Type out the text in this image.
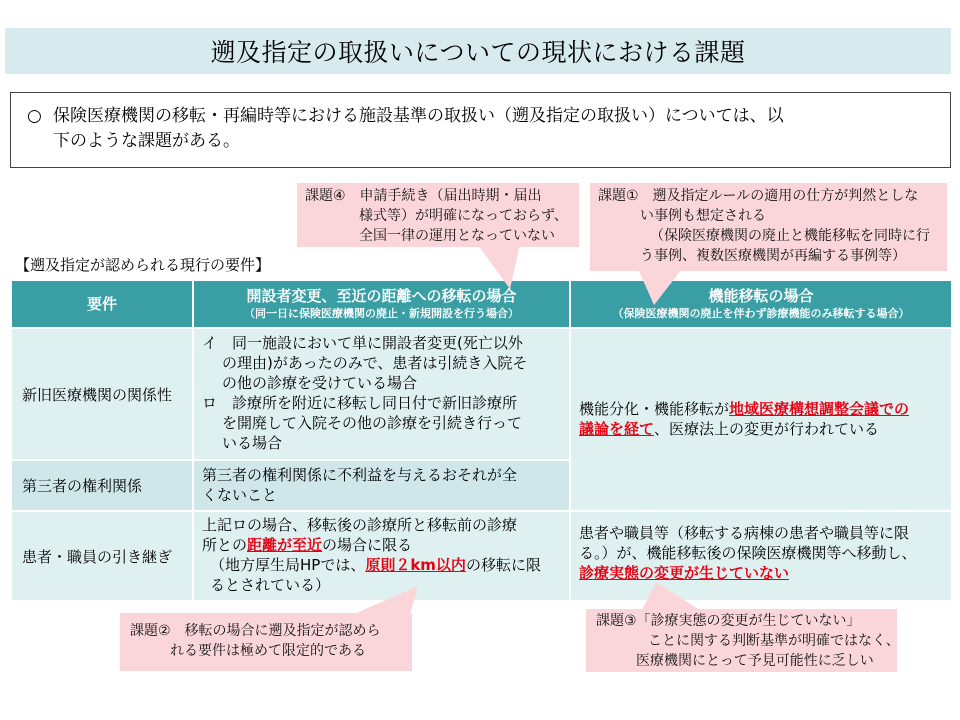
遡及指定の取扱いについての現状における課題
○ 保険医療機関の移転・再編時等における施設基準の取扱い（遡及指定の取扱い）については、以
下のような課題がある。
【遡及指定が認められる現行の要件】
課題④　申請手続き（届出時期・届出
様式等）が明確になっておらず、
全国一律の運用となっていない
課題①　遡及指定ルールの適用の仕方が判然としな
い事例も想定される
（保険医療機関の廃止と機能移転を同時に行
う事例、複数医療機関が再編する事例等）
要件	開設者変更、至近の距離への移転の場合
（同一日に保険医療機関の廃止・新規開設を行う場合）
機能移転の場合
（保険医療機関の廃止を伴わず診療機能のみ移転する場合）
新旧医療機関の関係性
イ　同一施設において単に開設者変更(死亡以外
の理由)があったのみで、患者は引続き入院そ
の他の診療を受けている場合
ロ　診療所を附近に移転し同日付で新旧診療所
を開廃して入院その他の診療を引続き行って
いる場合
機能分化・機能移転が地域医療構想調整会議での
議論を経て、医療法上の変更が行われている
第三者の権利関係
第三者の権利関係に不利益を与えるおそれが全
くないこと
患者・職員の引き継ぎ
上記ロの場合、移転後の診療所と移転前の診療
所との距離が至近の場合に限る
（地方厚生局HPでは、原則２km以内の移転に限
るとされている）
患者や職員等（移転する病棟の患者や職員等に限
る。）が、機能移転後の保険医療機関等へ移動し、
診療実態の変更が生じていない
課題②　移転の場合に遡及指定が認めら
れる要件は極めて限定的である
課題③「診療実態の変更が生じていない」
ことに関する判断基準が明確ではなく、
医療機関にとって予見可能性に乏しい
